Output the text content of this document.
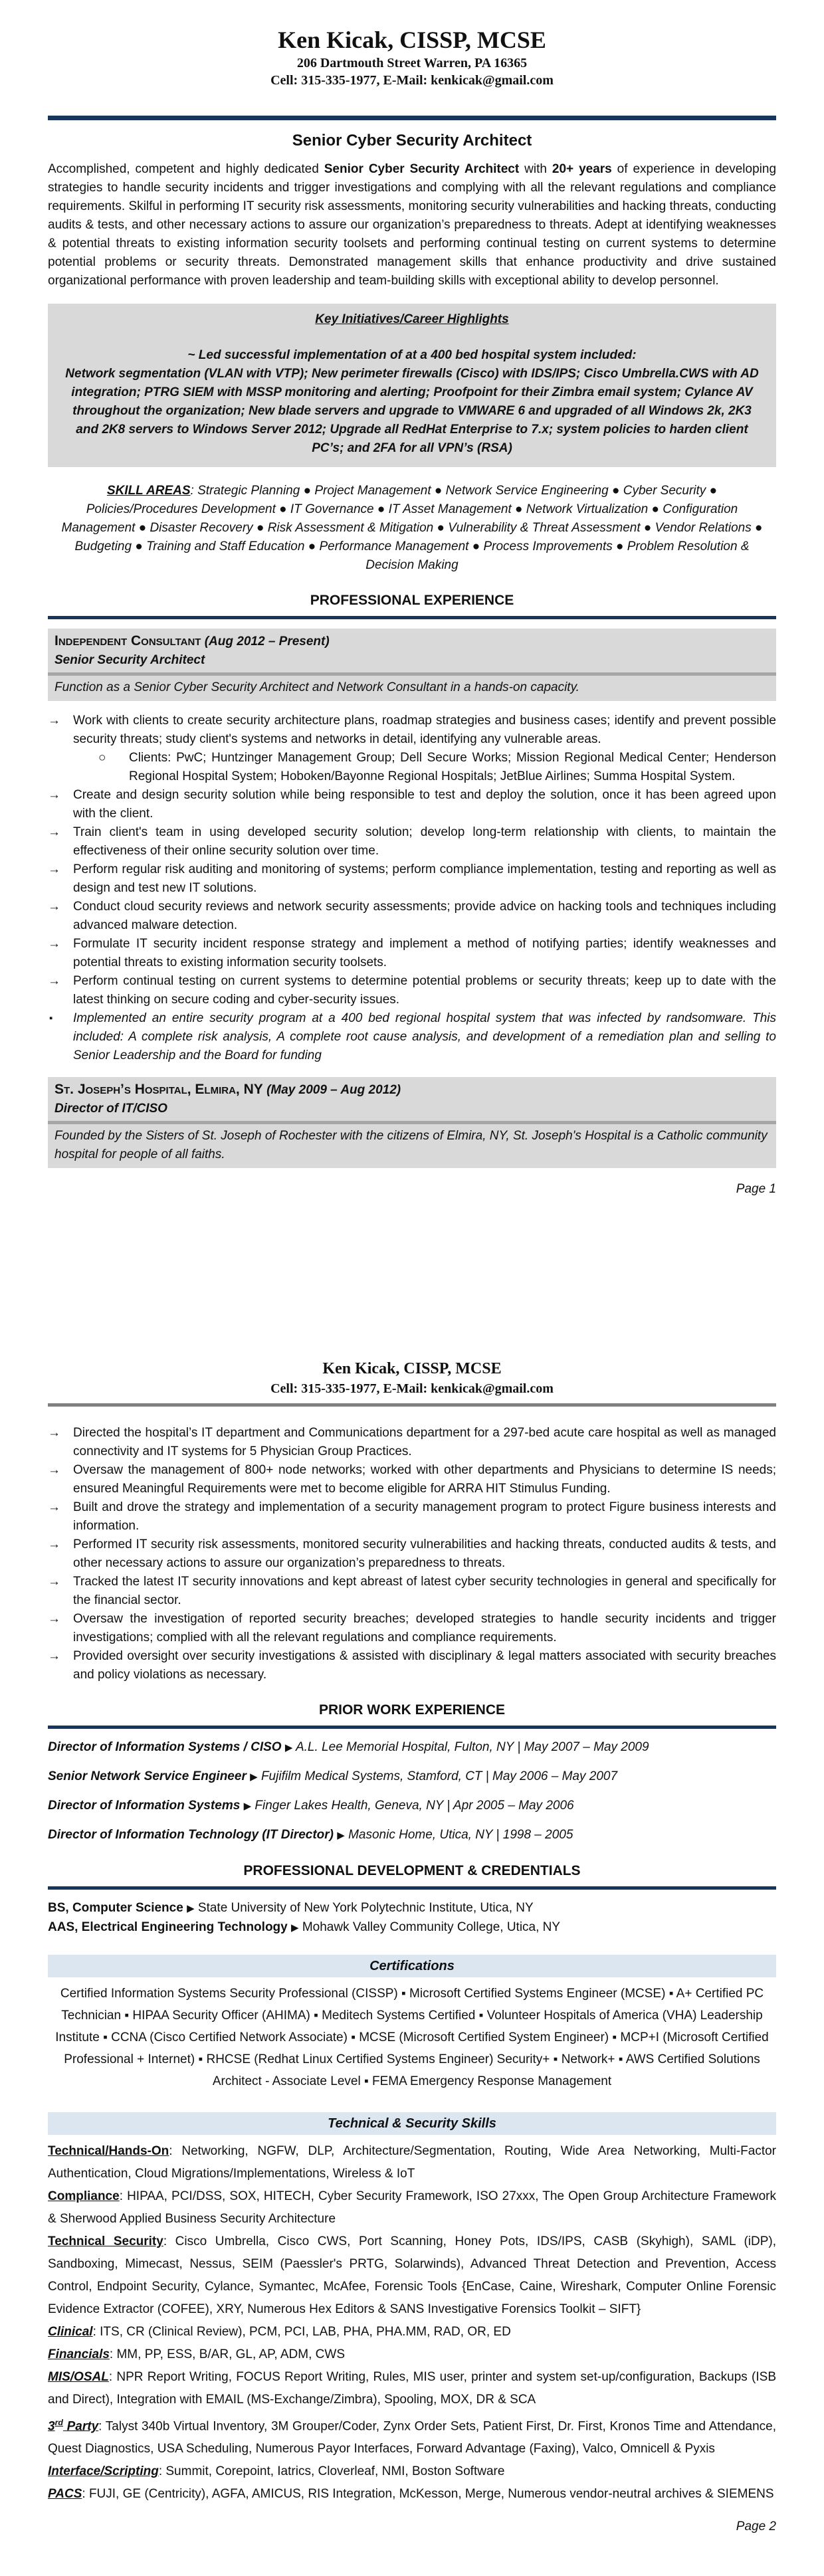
Ken Kicak, CISSP, MCSE
206 Dartmouth Street Warren, PA 16365
Cell: 315-335-1977, E-Mail: kenkicak@gmail.com
Senior Cyber Security Architect

Accomplished, competent and highly dedicated Senior Cyber Security Architect with 20+ years of experience in developing strategies to handle security incidents and trigger investigations and complying with all the relevant regulations and compliance requirements. Skilful in performing IT security risk assessments, monitoring security vulnerabilities and hacking threats, conducting audits & tests, and other necessary actions to assure our organization’s preparedness to threats. Adept at identifying weaknesses & potential threats to existing information security toolsets and performing continual testing on current systems to determine potential problems or security threats. Demonstrated management skills that enhance productivity and drive sustained organizational performance with proven leadership and team-building skills with exceptional ability to develop personnel.

Key Initiatives/Career Highlights
~ Led successful implementation of at a 400 bed hospital system included:
Network segmentation (VLAN with VTP); New perimeter firewalls (Cisco) with IDS/IPS; Cisco Umbrella.CWS with AD integration; PTRG SIEM with MSSP monitoring and alerting; Proofpoint for their Zimbra email system; Cylance AV throughout the organization; New blade servers and upgrade to VMWARE 6 and upgraded of all Windows 2k, 2K3 and 2K8 servers to Windows Server 2012; Upgrade all RedHat Enterprise to 7.x; system policies to harden client PC’s; and 2FA for all VPN’s (RSA)

SKILL AREAS: Strategic Planning ● Project Management ● Network Service Engineering ● Cyber Security ● Policies/Procedures Development ● IT Governance ● IT Asset Management ● Network Virtualization ● Configuration Management ● Disaster Recovery ● Risk Assessment & Mitigation ● Vulnerability & Threat Assessment ● Vendor Relations ● Budgeting ● Training and Staff Education ● Performance Management ● Process Improvements ● Problem Resolution & Decision Making

PROFESSIONAL EXPERIENCE
Independent Consultant (Aug 2012 – Present)
Senior Security Architect
Function as a Senior Cyber Security Architect and Network Consultant in a hands-on capacity.
→	Work with clients to create security architecture plans, roadmap strategies and business cases; identify and prevent possible security threats; study client's systems and networks in detail, identifying any vulnerable areas.
○	Clients: PwC; Huntzinger Management Group; Dell Secure Works; Mission Regional Medical Center; Henderson Regional Hospital System; Hoboken/Bayonne Regional Hospitals; JetBlue Airlines; Summa Hospital System.
→	Create and design security solution while being responsible to test and deploy the solution, once it has been agreed upon with the client.
→	Train client's team in using developed security solution; develop long-term relationship with clients, to maintain the effectiveness of their online security solution over time.
→	Perform regular risk auditing and monitoring of systems; perform compliance implementation, testing and reporting as well as design and test new IT solutions.
→	Conduct cloud security reviews and network security assessments; provide advice on hacking tools and techniques including advanced malware detection.
→	Formulate IT security incident response strategy and implement a method of notifying parties; identify weaknesses and potential threats to existing information security toolsets.
→	Perform continual testing on current systems to determine potential problems or security threats; keep up to date with the latest thinking on secure coding and cyber-security issues.
▪	Implemented an entire security program at a 400 bed regional hospital system that was infected by randsomware. This included: A complete risk analysis, A complete root cause analysis, and development of a remediation plan and selling to Senior Leadership and the Board for funding
St. Joseph’s Hospital, Elmira, NY (May 2009 – Aug 2012)
Director of IT/CISO
Founded by the Sisters of St. Joseph of Rochester with the citizens of Elmira, NY, St. Joseph's Hospital is a Catholic community hospital for people of all faiths.
Page 1
Ken Kicak, CISSP, MCSE
Cell: 315-335-1977, E-Mail: kenkicak@gmail.com
→	Directed the hospital’s IT department and Communications department for a 297-bed acute care hospital as well as managed connectivity and IT systems for 5 Physician Group Practices.
→	Oversaw the management of 800+ node networks; worked with other departments and Physicians to determine IS needs; ensured Meaningful Requirements were met to become eligible for ARRA HIT Stimulus Funding.
→	Built and drove the strategy and implementation of a security management program to protect Figure business interests and information.
→	Performed IT security risk assessments, monitored security vulnerabilities and hacking threats, conducted audits & tests, and other necessary actions to assure our organization’s preparedness to threats.
→	Tracked the latest IT security innovations and kept abreast of latest cyber security technologies in general and specifically for the financial sector.
→	Oversaw the investigation of reported security breaches; developed strategies to handle security incidents and trigger investigations; complied with all the relevant regulations and compliance requirements.
→	Provided oversight over security investigations & assisted with disciplinary & legal matters associated with security breaches and policy violations as necessary.
PRIOR WORK EXPERIENCE
Director of Information Systems / CISO ▶ A.L. Lee Memorial Hospital, Fulton, NY | May 2007 – May 2009
Senior Network Service Engineer ▶ Fujifilm Medical Systems, Stamford, CT | May 2006 – May 2007
Director of Information Systems ▶ Finger Lakes Health, Geneva, NY | Apr 2005 – May 2006
Director of Information Technology (IT Director) ▶ Masonic Home, Utica, NY | 1998 – 2005
PROFESSIONAL DEVELOPMENT & CREDENTIALS
BS, Computer Science ▶ State University of New York Polytechnic Institute, Utica, NY
AAS, Electrical Engineering Technology ▶ Mohawk Valley Community College, Utica, NY
Certifications
Certified Information Systems Security Professional (CISSP) ▪ Microsoft Certified Systems Engineer (MCSE) ▪ A+ Certified PC Technician ▪ HIPAA Security Officer (AHIMA) ▪ Meditech Systems Certified ▪ Volunteer Hospitals of America (VHA) Leadership Institute ▪ CCNA (Cisco Certified Network Associate) ▪ MCSE (Microsoft Certified System Engineer) ▪ MCP+I (Microsoft Certified Professional + Internet) ▪ RHCSE (Redhat Linux Certified Systems Engineer) Security+ ▪ Network+ ▪ AWS Certified Solutions Architect - Associate Level ▪ FEMA Emergency Response Management
Technical & Security Skills
Technical/Hands-On: Networking, NGFW, DLP, Architecture/Segmentation, Routing, Wide Area Networking, Multi-Factor Authentication, Cloud Migrations/Implementations, Wireless & IoT
Compliance: HIPAA, PCI/DSS, SOX, HITECH, Cyber Security Framework, ISO 27xxx, The Open Group Architecture Framework & Sherwood Applied Business Security Architecture
Technical Security: Cisco Umbrella, Cisco CWS, Port Scanning, Honey Pots, IDS/IPS, CASB (Skyhigh), SAML (iDP), Sandboxing, Mimecast, Nessus, SEIM (Paessler's PRTG, Solarwinds), Advanced Threat Detection and Prevention, Access Control, Endpoint Security, Cylance, Symantec, McAfee, Forensic Tools {EnCase, Caine, Wireshark, Computer Online Forensic Evidence Extractor (COFEE), XRY, Numerous Hex Editors & SANS Investigative Forensics Toolkit – SIFT}
Clinical: ITS, CR (Clinical Review), PCM, PCI, LAB, PHA, PHA.MM, RAD, OR, ED
Financials: MM, PP, ESS, B/AR, GL, AP, ADM, CWS
MIS/OSAL: NPR Report Writing, FOCUS Report Writing, Rules, MIS user, printer and system set-up/configuration, Backups (ISB and Direct), Integration with EMAIL (MS-Exchange/Zimbra), Spooling, MOX, DR & SCA
3rd Party: Talyst 340b Virtual Inventory, 3M Grouper/Coder, Zynx Order Sets, Patient First, Dr. First, Kronos Time and Attendance, Quest Diagnostics, USA Scheduling, Numerous Payor Interfaces, Forward Advantage (Faxing), Valco, Omnicell & Pyxis
Interface/Scripting: Summit, Corepoint, Iatrics, Cloverleaf, NMI, Boston Software
PACS: FUJI, GE (Centricity), AGFA, AMICUS, RIS Integration, McKesson, Merge, Numerous vendor-neutral archives & SIEMENS
Page 2
